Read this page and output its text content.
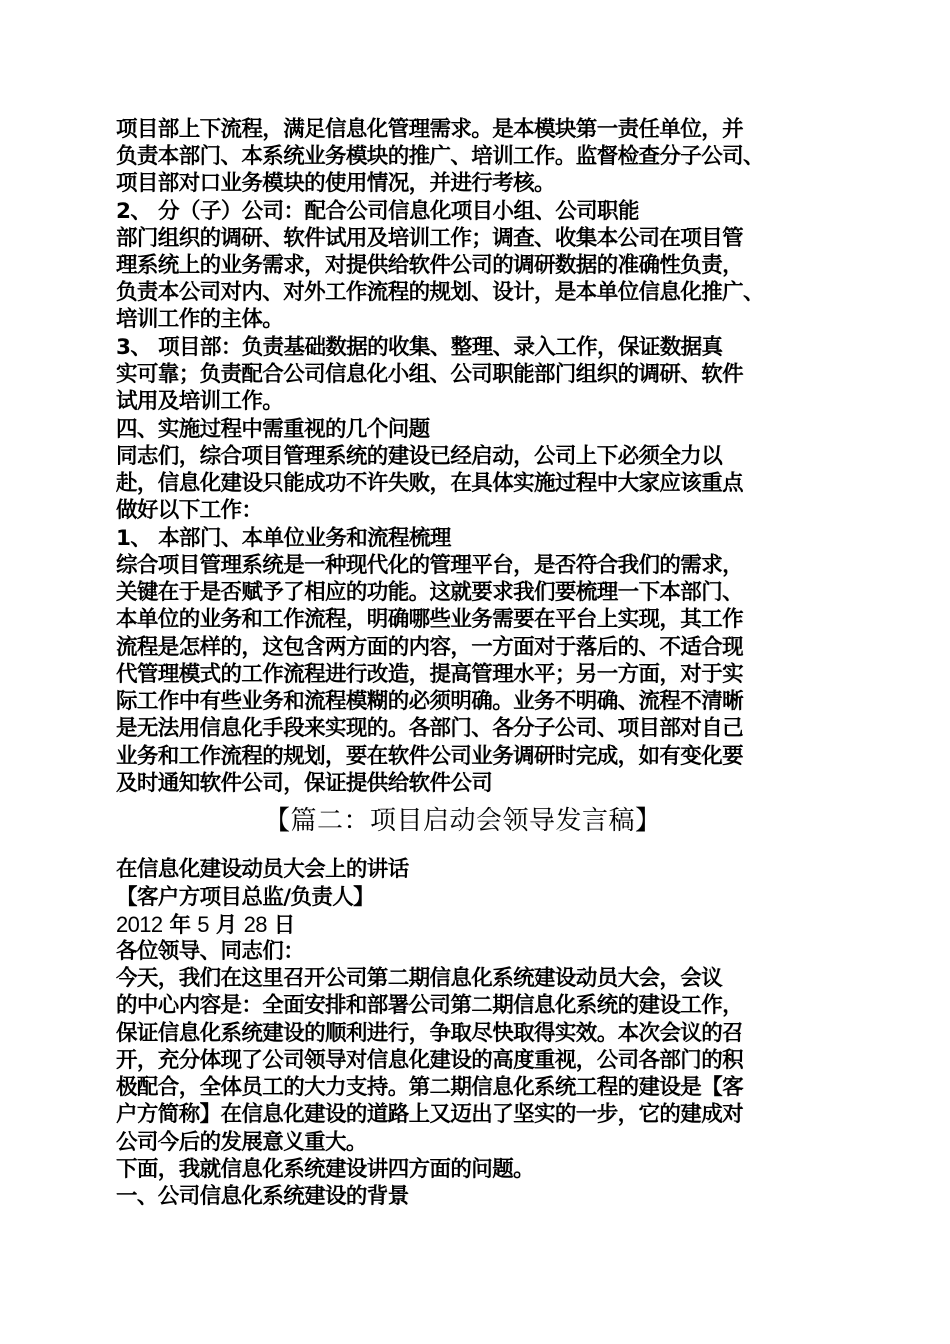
项目部上下流程，满足信息化管理需求。是本模块第一责任单位，并
负责本部门、本系统业务模块的推广、培训工作。监督检查分子公司、
项目部对口业务模块的使用情况，并进行考核。
2、 分（子）公司：配合公司信息化项目小组、公司职能
部门组织的调研、软件试用及培训工作；调查、收集本公司在项目管
理系统上的业务需求，对提供给软件公司的调研数据的准确性负责，
负责本公司对内、对外工作流程的规划、设计，是本单位信息化推广、
培训工作的主体。
3、 项目部：负责基础数据的收集、整理、录入工作，保证数据真
实可靠；负责配合公司信息化小组、公司职能部门组织的调研、软件
试用及培训工作。
四、实施过程中需重视的几个问题
同志们，综合项目管理系统的建设已经启动，公司上下必须全力以
赴，信息化建设只能成功不许失败，在具体实施过程中大家应该重点
做好以下工作：
1、 本部门、本单位业务和流程梳理
综合项目管理系统是一种现代化的管理平台，是否符合我们的需求，
关键在于是否赋予了相应的功能。这就要求我们要梳理一下本部门、
本单位的业务和工作流程，明确哪些业务需要在平台上实现，其工作
流程是怎样的，这包含两方面的内容，一方面对于落后的、不适合现
代管理模式的工作流程进行改造，提高管理水平；另一方面，对于实
际工作中有些业务和流程模糊的必须明确。业务不明确、流程不清晰
是无法用信息化手段来实现的。各部门、各分子公司、项目部对自己
业务和工作流程的规划，要在软件公司业务调研时完成，如有变化要
及时通知软件公司，保证提供给软件公司
【篇二：项目启动会领导发言稿】
在信息化建设动员大会上的讲话
【客户方项目总监/负责人】
2012 年 5 月 28 日
各位领导、同志们：
今天，我们在这里召开公司第二期信息化系统建设动员大会，会议
的中心内容是：全面安排和部署公司第二期信息化系统的建设工作，
保证信息化系统建设的顺利进行，争取尽快取得实效。本次会议的召
开，充分体现了公司领导对信息化建设的高度重视，公司各部门的积
极配合，全体员工的大力支持。第二期信息化系统工程的建设是【客
户方简称】在信息化建设的道路上又迈出了坚实的一步，它的建成对
公司今后的发展意义重大。
下面，我就信息化系统建设讲四方面的问题。
一、公司信息化系统建设的背景
